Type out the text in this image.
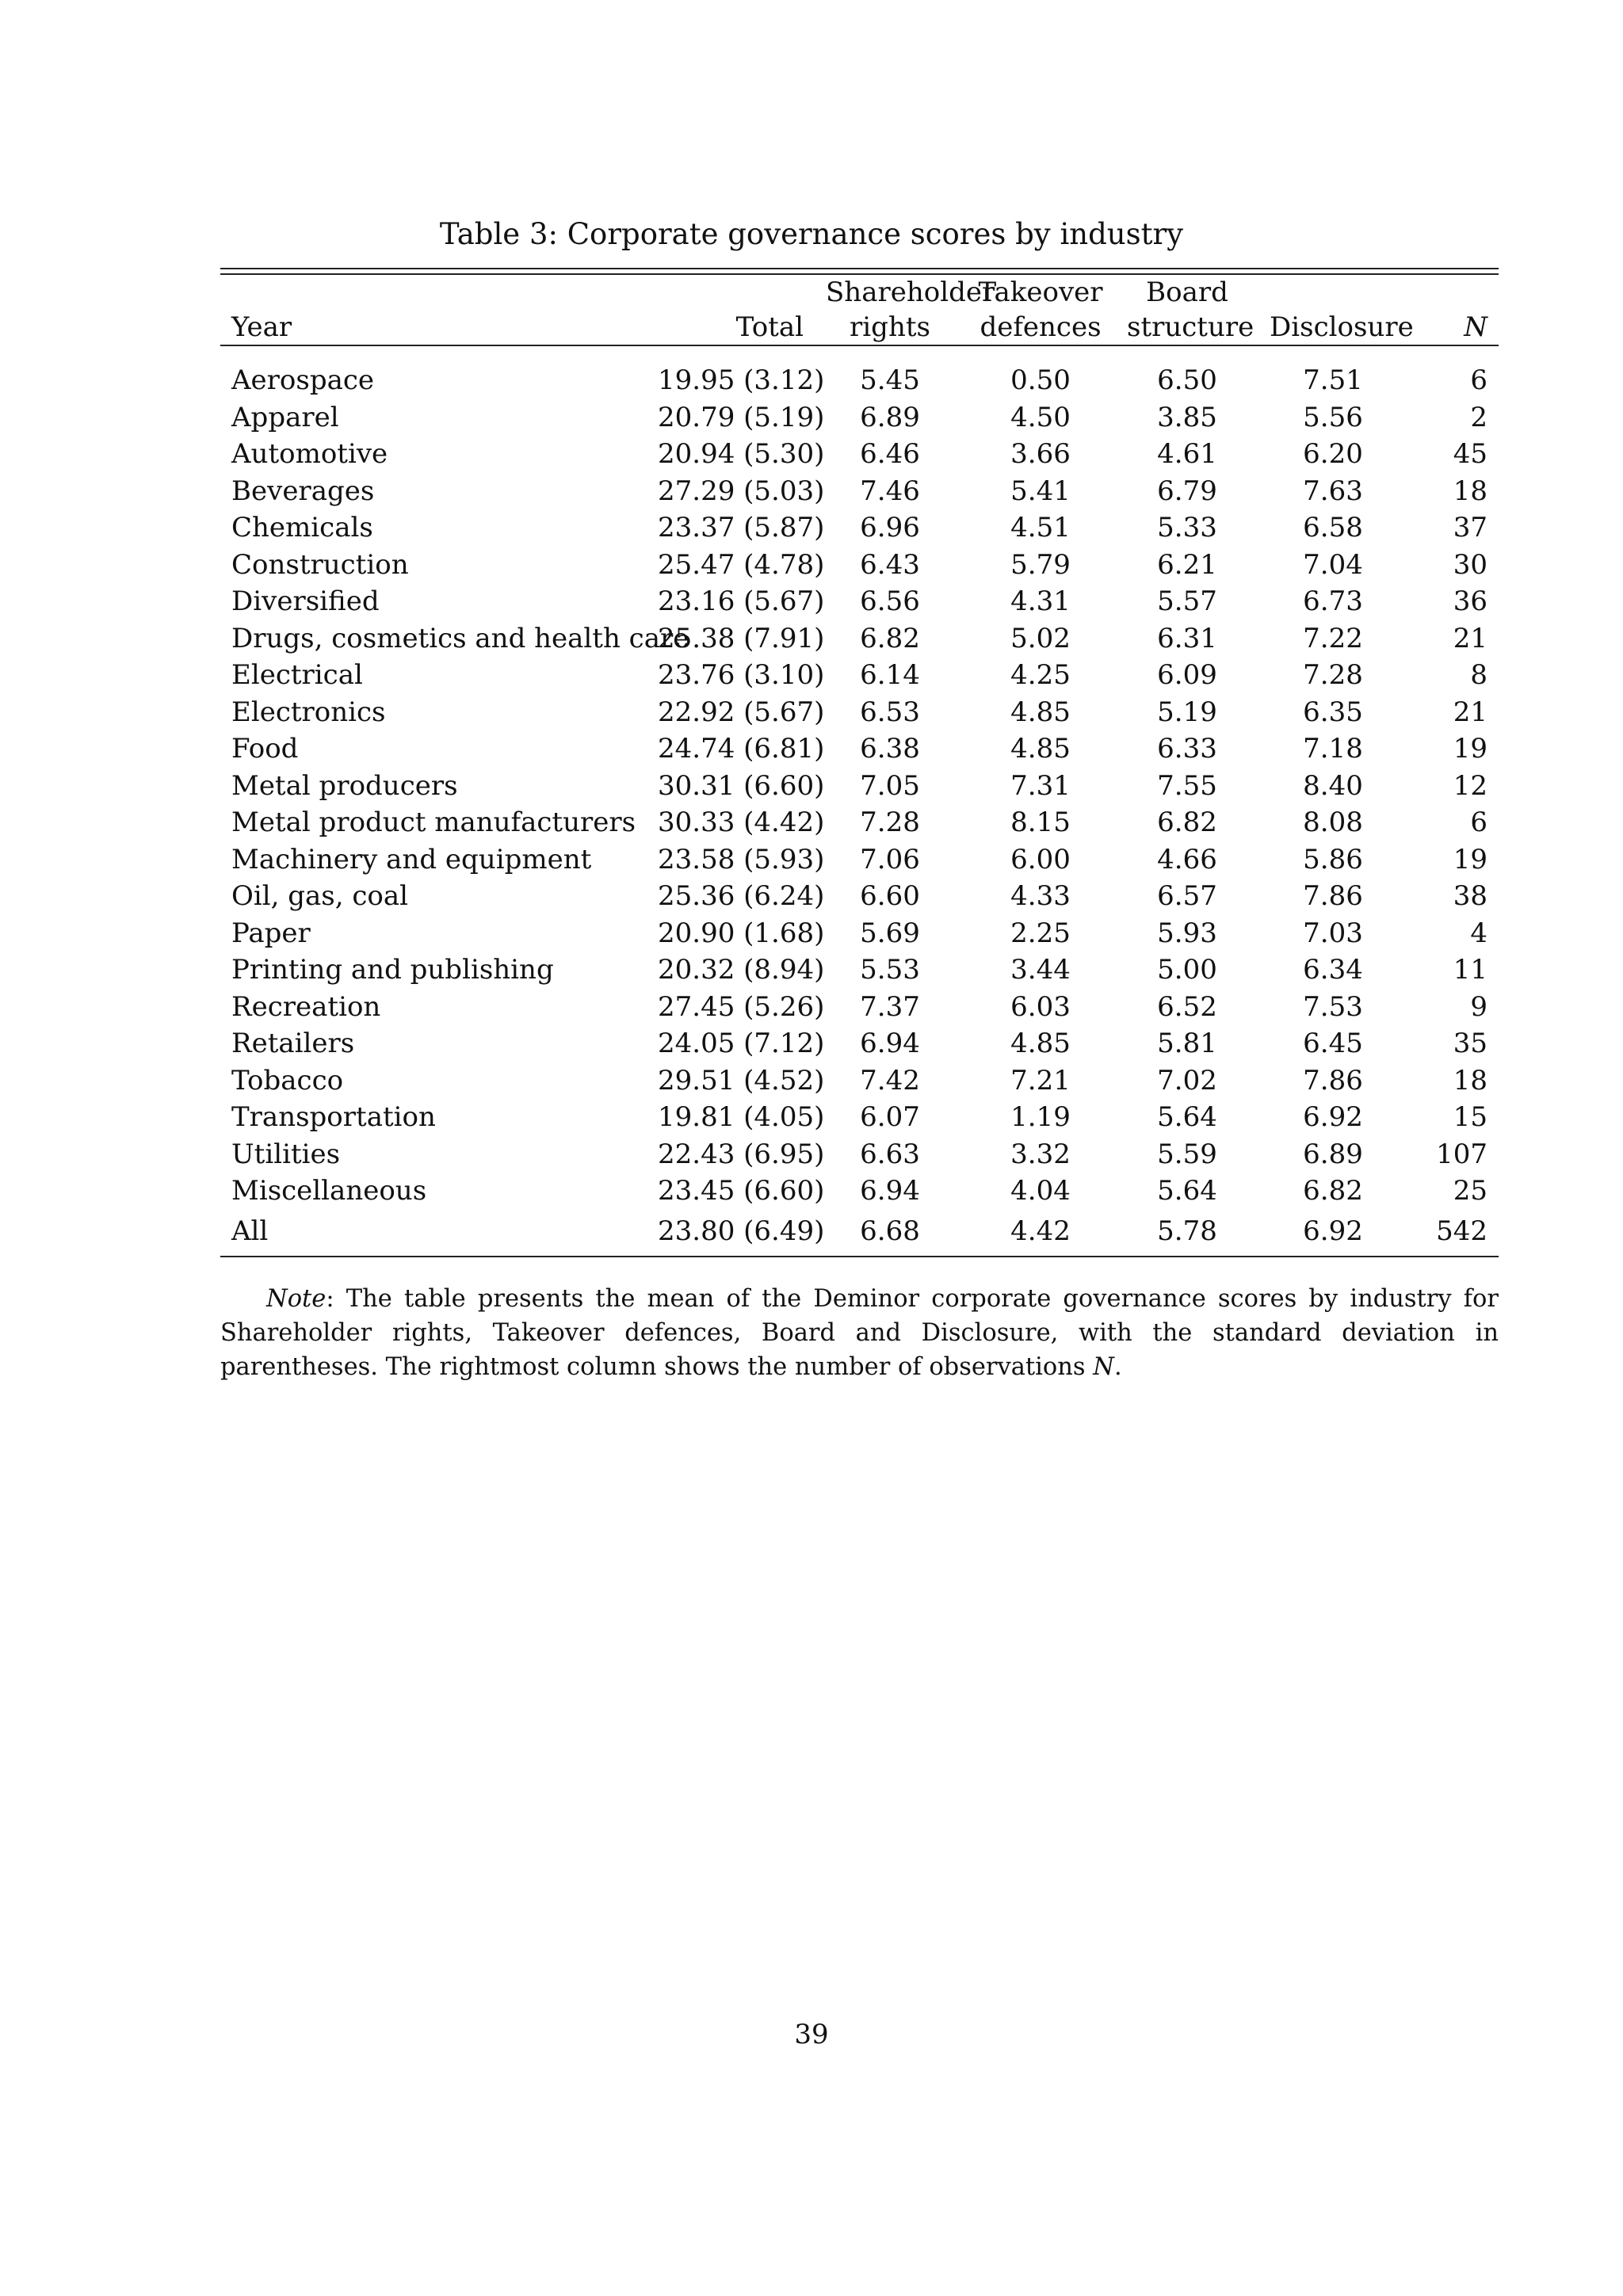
Table 3: Corporate governance scores by industry
		Shareholder	Takeover	Board		
Year	Total	rights	defences	structure	Disclosure	N

Aerospace	19.95 (3.12)	5.45	0.50	6.50	7.51	6
Apparel	20.79 (5.19)	6.89	4.50	3.85	5.56	2
Automotive	20.94 (5.30)	6.46	3.66	4.61	6.20	45
Beverages	27.29 (5.03)	7.46	5.41	6.79	7.63	18
Chemicals	23.37 (5.87)	6.96	4.51	5.33	6.58	37
Construction	25.47 (4.78)	6.43	5.79	6.21	7.04	30
Diversified	23.16 (5.67)	6.56	4.31	5.57	6.73	36
Drugs, cosmetics and health care	25.38 (7.91)	6.82	5.02	6.31	7.22	21
Electrical	23.76 (3.10)	6.14	4.25	6.09	7.28	8
Electronics	22.92 (5.67)	6.53	4.85	5.19	6.35	21
Food	24.74 (6.81)	6.38	4.85	6.33	7.18	19
Metal producers	30.31 (6.60)	7.05	7.31	7.55	8.40	12
Metal product manufacturers	30.33 (4.42)	7.28	8.15	6.82	8.08	6
Machinery and equipment	23.58 (5.93)	7.06	6.00	4.66	5.86	19
Oil, gas, coal	25.36 (6.24)	6.60	4.33	6.57	7.86	38
Paper	20.90 (1.68)	5.69	2.25	5.93	7.03	4
Printing and publishing	20.32 (8.94)	5.53	3.44	5.00	6.34	11
Recreation	27.45 (5.26)	7.37	6.03	6.52	7.53	9
Retailers	24.05 (7.12)	6.94	4.85	5.81	6.45	35
Tobacco	29.51 (4.52)	7.42	7.21	7.02	7.86	18
Transportation	19.81 (4.05)	6.07	1.19	5.64	6.92	15
Utilities	22.43 (6.95)	6.63	3.32	5.59	6.89	107
Miscellaneous	23.45 (6.60)	6.94	4.04	5.64	6.82	25

All	23.80 (6.49)	6.68	4.42	5.78	6.92	542

Note: The table presents the mean of the Deminor corporate governance scores by industry for Shareholder rights, Takeover defences, Board and Disclosure, with the standard deviation in parentheses. The rightmost column shows the number of observations N.
39
